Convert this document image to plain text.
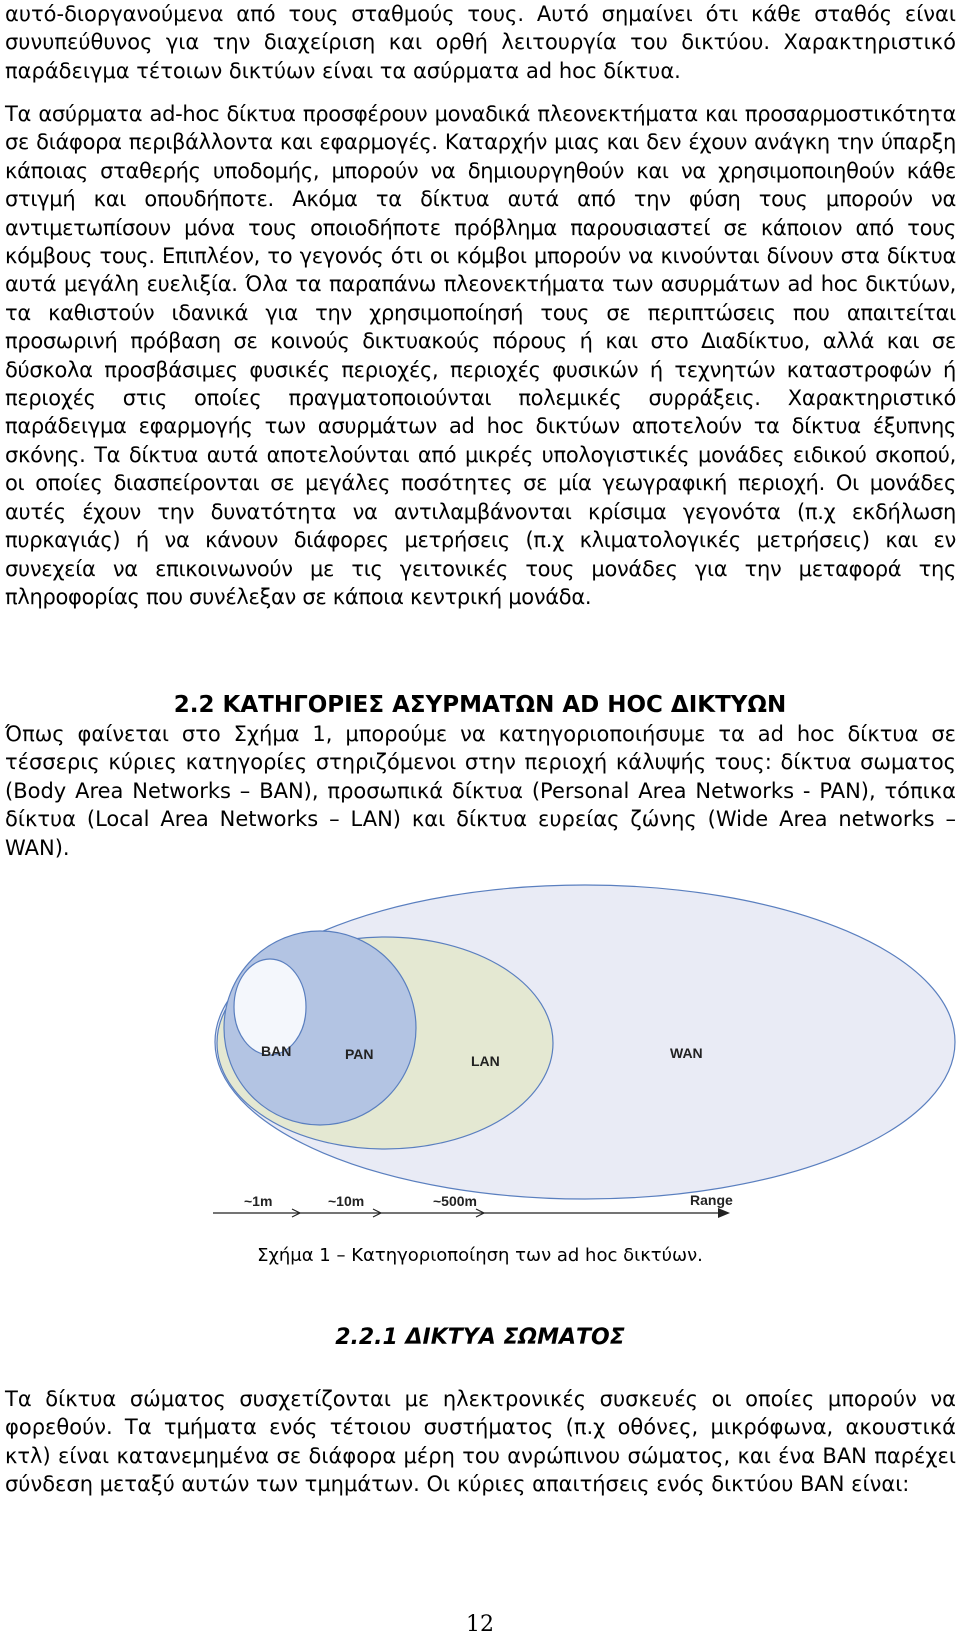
αυτό-διοργανούμενα από τους σταθμούς τους. Αυτό σημαίνει ότι κάθε σταθός είναι συνυπεύθυνος για την διαχείριση και ορθή λειτουργία του δικτύου. Χαρακτηριστικό παράδειγμα τέτοιων δικτύων είναι τα ασύρματα ad hoc δίκτυα.

Τα ασύρματα ad-hoc δίκτυα προσφέρουν μοναδικά πλεονεκτήματα και προσαρμοστικότητα σε διάφορα περιβάλλοντα και εφαρμογές. Καταρχήν μιας και δεν έχουν ανάγκη την ύπαρξη κάποιας σταθερής υποδομής, μπορούν να δημιουργηθούν και να χρησιμοποιηθούν κάθε στιγμή και οπουδήποτε. Ακόμα τα δίκτυα αυτά από την φύση τους μπορούν να αντιμετωπίσουν μόνα τους οποιοδήποτε πρόβλημα παρουσιαστεί σε κάποιον από τους κόμβους τους. Επιπλέον, το γεγονός ότι οι κόμβοι μπορούν να κινούνται δίνουν στα δίκτυα αυτά μεγάλη ευελιξία. Όλα τα παραπάνω πλεονεκτήματα των ασυρμάτων ad hoc δικτύων, τα καθιστούν ιδανικά για την χρησιμοποίησή τους σε περιπτώσεις που απαιτείται προσωρινή πρόβαση σε κοινούς δικτυακούς πόρους ή και στο Διαδίκτυο, αλλά και σε δύσκολα προσβάσιμες φυσικές περιοχές, περιοχές φυσικών ή τεχνητών καταστροφών ή περιοχές στις οποίες πραγματοποιούνται πολεμικές συρράξεις. Χαρακτηριστικό παράδειγμα εφαρμογής των ασυρμάτων ad hoc δικτύων αποτελούν τα δίκτυα έξυπνης σκόνης. Τα δίκτυα αυτά αποτελούνται από μικρές υπολογιστικές μονάδες ειδικού σκοπού, οι οποίες διασπείρονται σε μεγάλες ποσότητες σε μία γεωγραφική περιοχή. Οι μονάδες αυτές έχουν την δυνατότητα να αντιλαμβάνονται κρίσιμα γεγονότα (π.χ εκδήλωση πυρκαγιάς) ή να κάνουν διάφορες μετρήσεις (π.χ κλιματολογικές μετρήσεις) και εν συνεχεία να επικοινωνούν με τις γειτονικές τους μονάδες για την μεταφορά της πληροφορίας που συνέλεξαν σε κάποια κεντρική μονάδα.

2.2 ΚΑΤΗΓΟΡΙΕΣ ΑΣΥΡΜΑΤΩΝ AD HOC ΔΙΚΤΥΩΝ

Όπως φαίνεται στο Σχήμα 1, μπορούμε να κατηγοριοποιήσυμε τα ad hoc δίκτυα σε τέσσερις κύριες κατηγορίες στηριζόμενοι στην περιοχή κάλυψής τους: δίκτυα σωματος (Body Area Networks – BAN), προσωπικά δίκτυα (Personal Area Networks - PAN), τόπικα δίκτυα (Local Area Networks – LAN) και δίκτυα ευρείας ζώνης (Wide Area networks – WAN).

BAN	PAN	LAN	WAN
~1m	~10m	~500m	Range

Σχήμα 1 – Κατηγοριοποίηση των ad hoc δικτύων.

2.2.1 ΔΙΚΤΥΑ ΣΩΜΑΤΟΣ

Τα δίκτυα σώματος συσχετίζονται με ηλεκτρονικές συσκευές οι οποίες μπορούν να φορεθούν. Τα τμήματα ενός τέτοιου συστήματος (π.χ οθόνες, μικρόφωνα, ακουστικά κτλ) είναι κατανεμημένα σε διάφορα μέρη του ανρώπινου σώματος, και ένα BAN παρέχει σύνδεση μεταξύ αυτών των τμημάτων. Οι κύριες απαιτήσεις ενός δικτύου BAN είναι:

12
